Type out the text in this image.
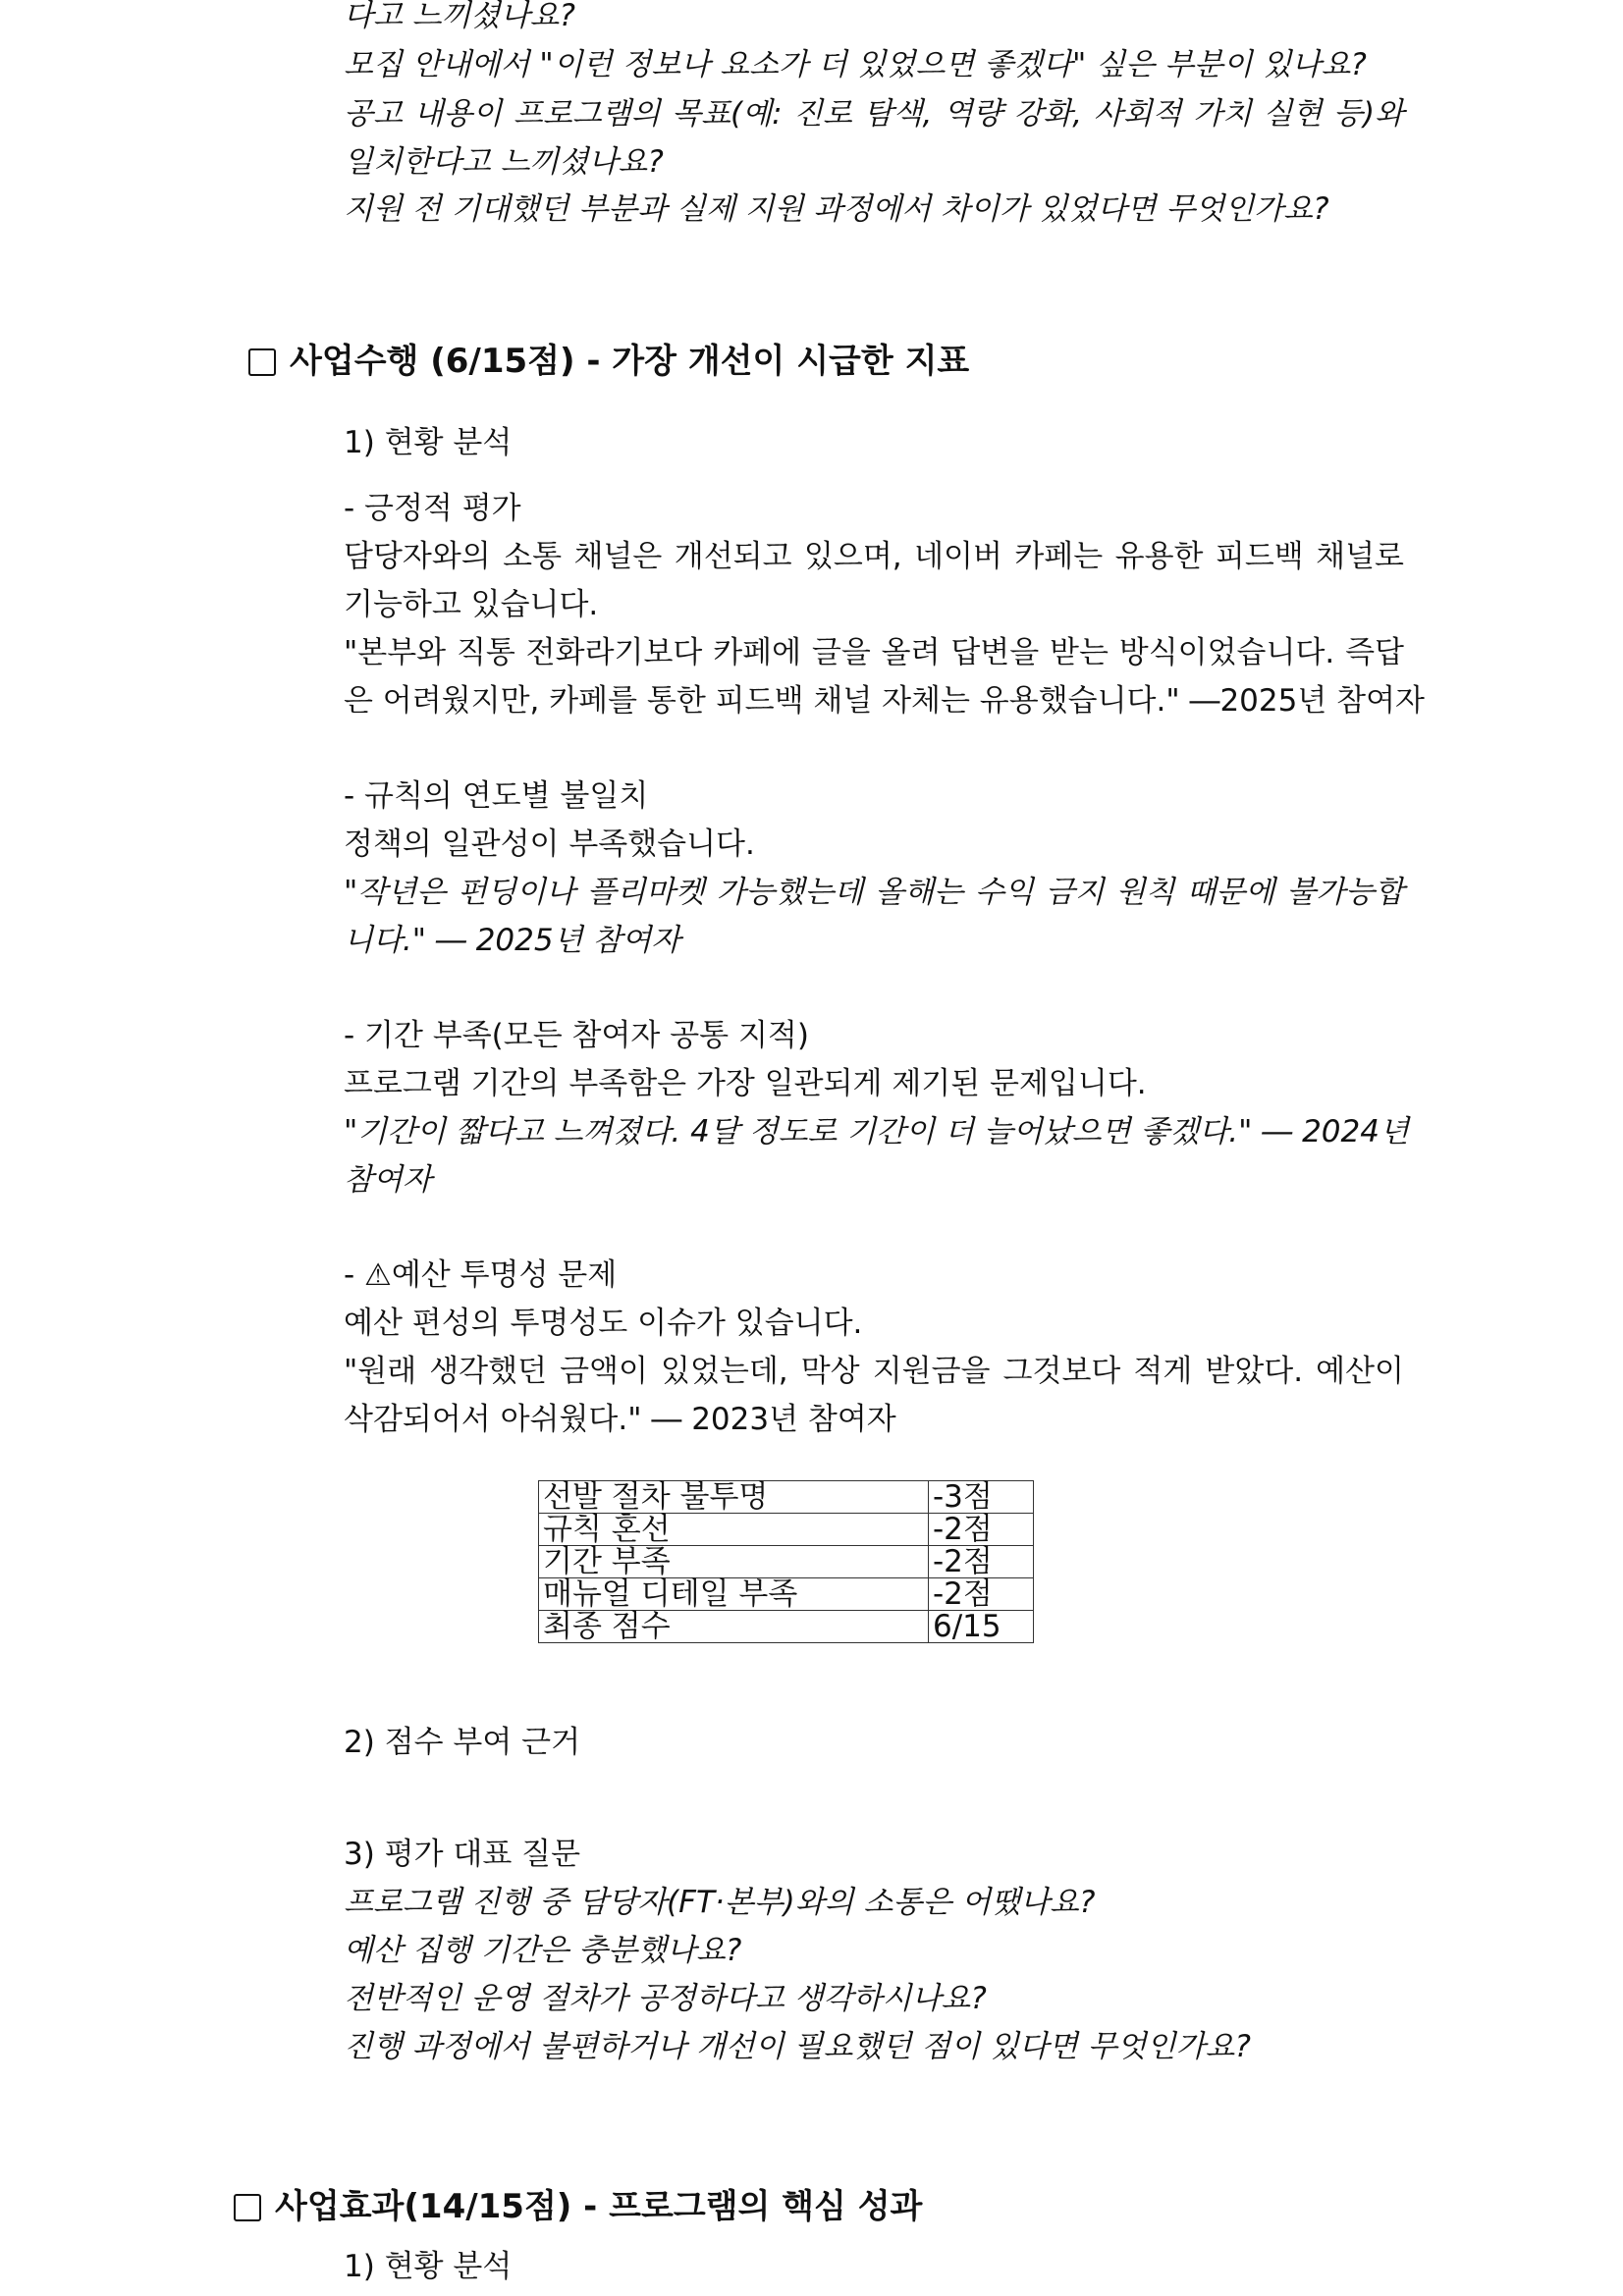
다고 느끼셨나요?
모집 안내에서 "이런 정보나 요소가 더 있었으면 좋겠다" 싶은 부분이 있나요?
공고 내용이 프로그램의 목표(예: 진로 탐색, 역량 강화, 사회적 가치 실현 등)와
일치한다고 느끼셨나요?
지원 전 기대했던 부분과 실제 지원 과정에서 차이가 있었다면 무엇인가요?
사업수행 (6/15점) - 가장 개선이 시급한 지표
1) 현황 분석
- 긍정적 평가
담당자와의 소통 채널은 개선되고 있으며, 네이버 카페는 유용한 피드백 채널로
기능하고 있습니다.
"본부와 직통 전화라기보다 카페에 글을 올려 답변을 받는 방식이었습니다. 즉답
은 어려웠지만, 카페를 통한 피드백 채널 자체는 유용했습니다." ―2025년 참여자
- 규칙의 연도별 불일치
정책의 일관성이 부족했습니다.
"작년은 펀딩이나 플리마켓 가능했는데 올해는 수익 금지 원칙 때문에 불가능합
니다." ― 2025년 참여자
- 기간 부족(모든 참여자 공통 지적)
프로그램 기간의 부족함은 가장 일관되게 제기된 문제입니다.
"기간이 짧다고 느껴졌다. 4달 정도로 기간이 더 늘어났으면 좋겠다." ― 2024년
참여자
- ⚠예산 투명성 문제
예산 편성의 투명성도 이슈가 있습니다.
"원래 생각했던 금액이 있었는데, 막상 지원금을 그것보다 적게 받았다. 예산이
삭감되어서 아쉬웠다." ― 2023년 참여자
선발 절차 불투명	-3점
규칙 혼선	-2점
기간 부족	-2점
매뉴얼 디테일 부족	-2점
최종 점수	6/15
2) 점수 부여 근거
3) 평가 대표 질문
프로그램 진행 중 담당자(FT·본부)와의 소통은 어땠나요?
예산 집행 기간은 충분했나요?
전반적인 운영 절차가 공정하다고 생각하시나요?
진행 과정에서 불편하거나 개선이 필요했던 점이 있다면 무엇인가요?
사업효과(14/15점) - 프로그램의 핵심 성과
1) 현황 분석
